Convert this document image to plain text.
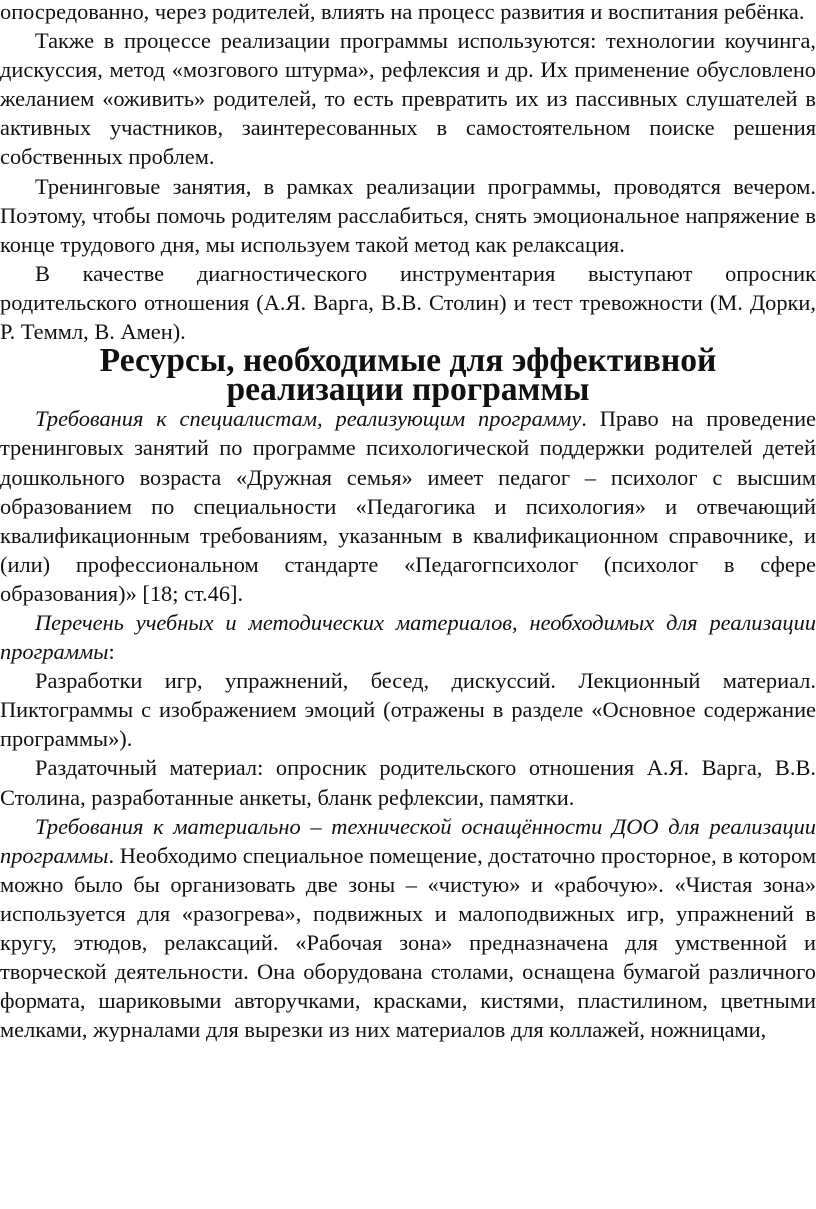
опосредованно, через родителей, влиять на процесс развития и воспитания ребёнка.

Также в процессе реализации программы используются: технологии коучинга, дискуссия, метод «мозгового штурма», рефлексия и др. Их применение обусловлено желанием «оживить» родителей, то есть превратить их из пассивных слушателей в активных участников, заинтересованных в самостоятельном поиске решения собственных проблем.

Тренинговые занятия, в рамках реализации программы, проводятся вечером. Поэтому, чтобы помочь родителям расслабиться, снять эмоциональное напряжение в конце трудового дня, мы используем такой метод как релаксация.

В качестве диагностического инструментария выступают опросник родительского отношения (А.Я. Варга, В.В. Столин) и тест тревожности (М. Дорки, Р. Теммл, В. Амен).

Ресурсы, необходимые для эффективной реализации программы

Требования к специалистам, реализующим программу. Право на проведение тренинговых занятий по программе психологической поддержки родителей детей дошкольного возраста «Дружная семья» имеет педагог – психолог с высшим образованием по специальности «Педагогика и психология» и отвечающий квалификационным требованиям, указанным в квалификационном справочнике, и (или) профессиональном стандарте «Педагогпсихолог (психолог в сфере образования)» [18; ст.46].

Перечень учебных и методических материалов, необходимых для реализации программы:

Разработки игр, упражнений, бесед, дискуссий. Лекционный материал. Пиктограммы с изображением эмоций (отражены в разделе «Основное содержание программы»).

Раздаточный материал: опросник родительского отношения А.Я. Варга, В.В. Столина, разработанные анкеты, бланк рефлексии, памятки.

Требования к материально – технической оснащённости ДОО для реализации программы. Необходимо специальное помещение, достаточно просторное, в котором можно было бы организовать две зоны – «чистую» и «рабочую». «Чистая зона» используется для «разогрева», подвижных и малоподвижных игр, упражнений в кругу, этюдов, релаксаций. «Рабочая зона» предназначена для умственной и творческой деятельности. Она оборудована столами, оснащена бумагой различного формата, шариковыми авторучками, красками, кистями, пластилином, цветными мелками, журналами для вырезки из них материалов для коллажей, ножницами,
